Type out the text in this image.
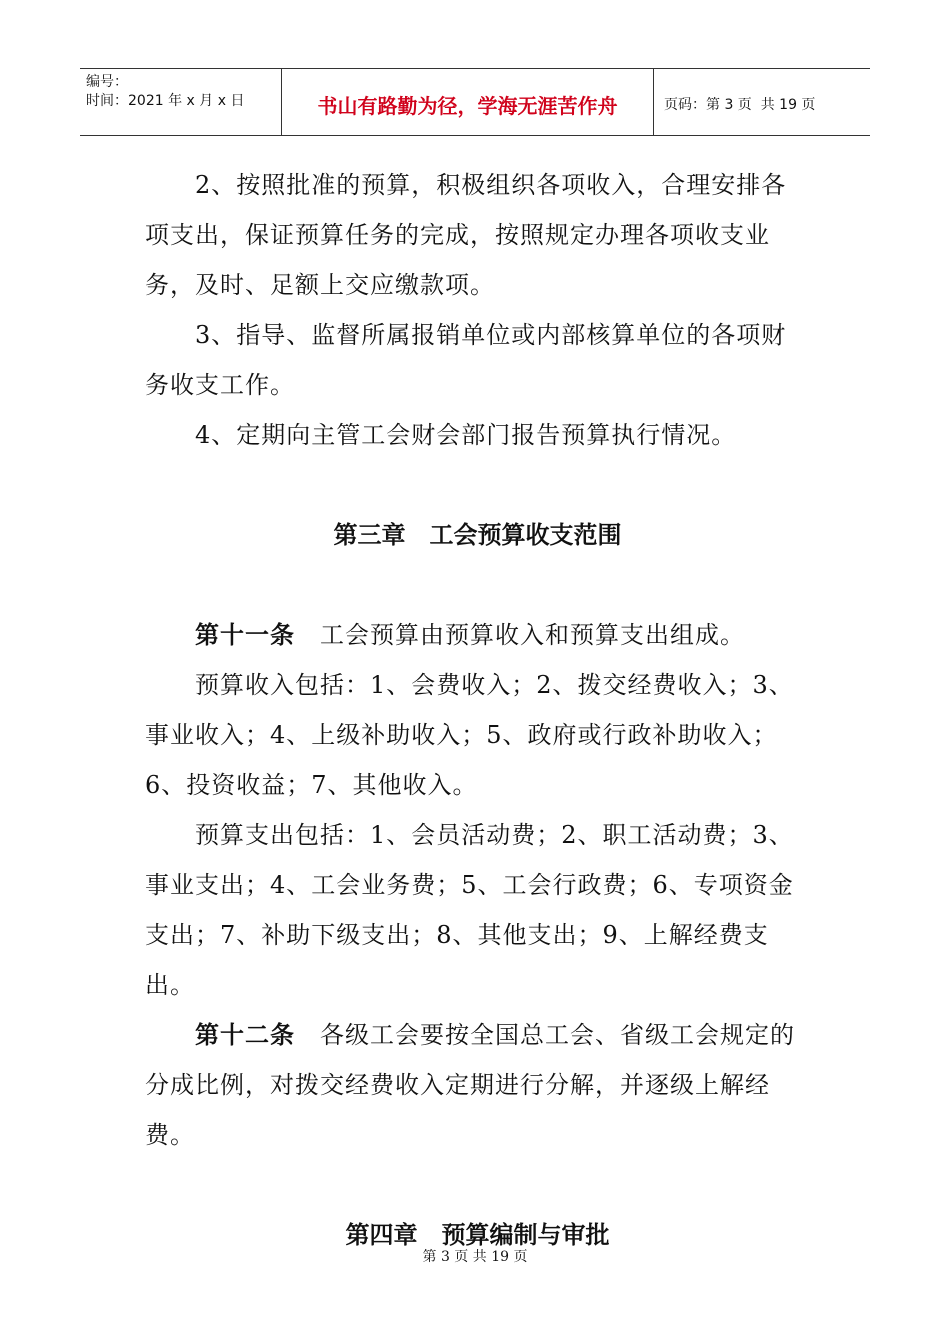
编号：
时间：2021 年 x 月 x 日	书山有路勤为径，学海无涯苦作舟	页码：第 3 页  共 19 页

2、按照批准的预算，积极组织各项收入，合理安排各项支出，保证预算任务的完成，按照规定办理各项收支业务，及时、足额上交应缴款项。

3、指导、监督所属报销单位或内部核算单位的各项财务收支工作。

4、定期向主管工会财会部门报告预算执行情况。

第三章　工会预算收支范围

第十一条　工会预算由预算收入和预算支出组成。

预算收入包括：1、会费收入；2、拨交经费收入；3、事业收入；4、上级补助收入；5、政府或行政补助收入；6、投资收益；7、其他收入。

预算支出包括：1、会员活动费；2、职工活动费；3、事业支出；4、工会业务费；5、工会行政费；6、专项资金支出；7、补助下级支出；8、其他支出；9、上解经费支出。

第十二条　各级工会要按全国总工会、省级工会规定的分成比例，对拨交经费收入定期进行分解，并逐级上解经费。

第四章　预算编制与审批

第 3 页 共 19 页
